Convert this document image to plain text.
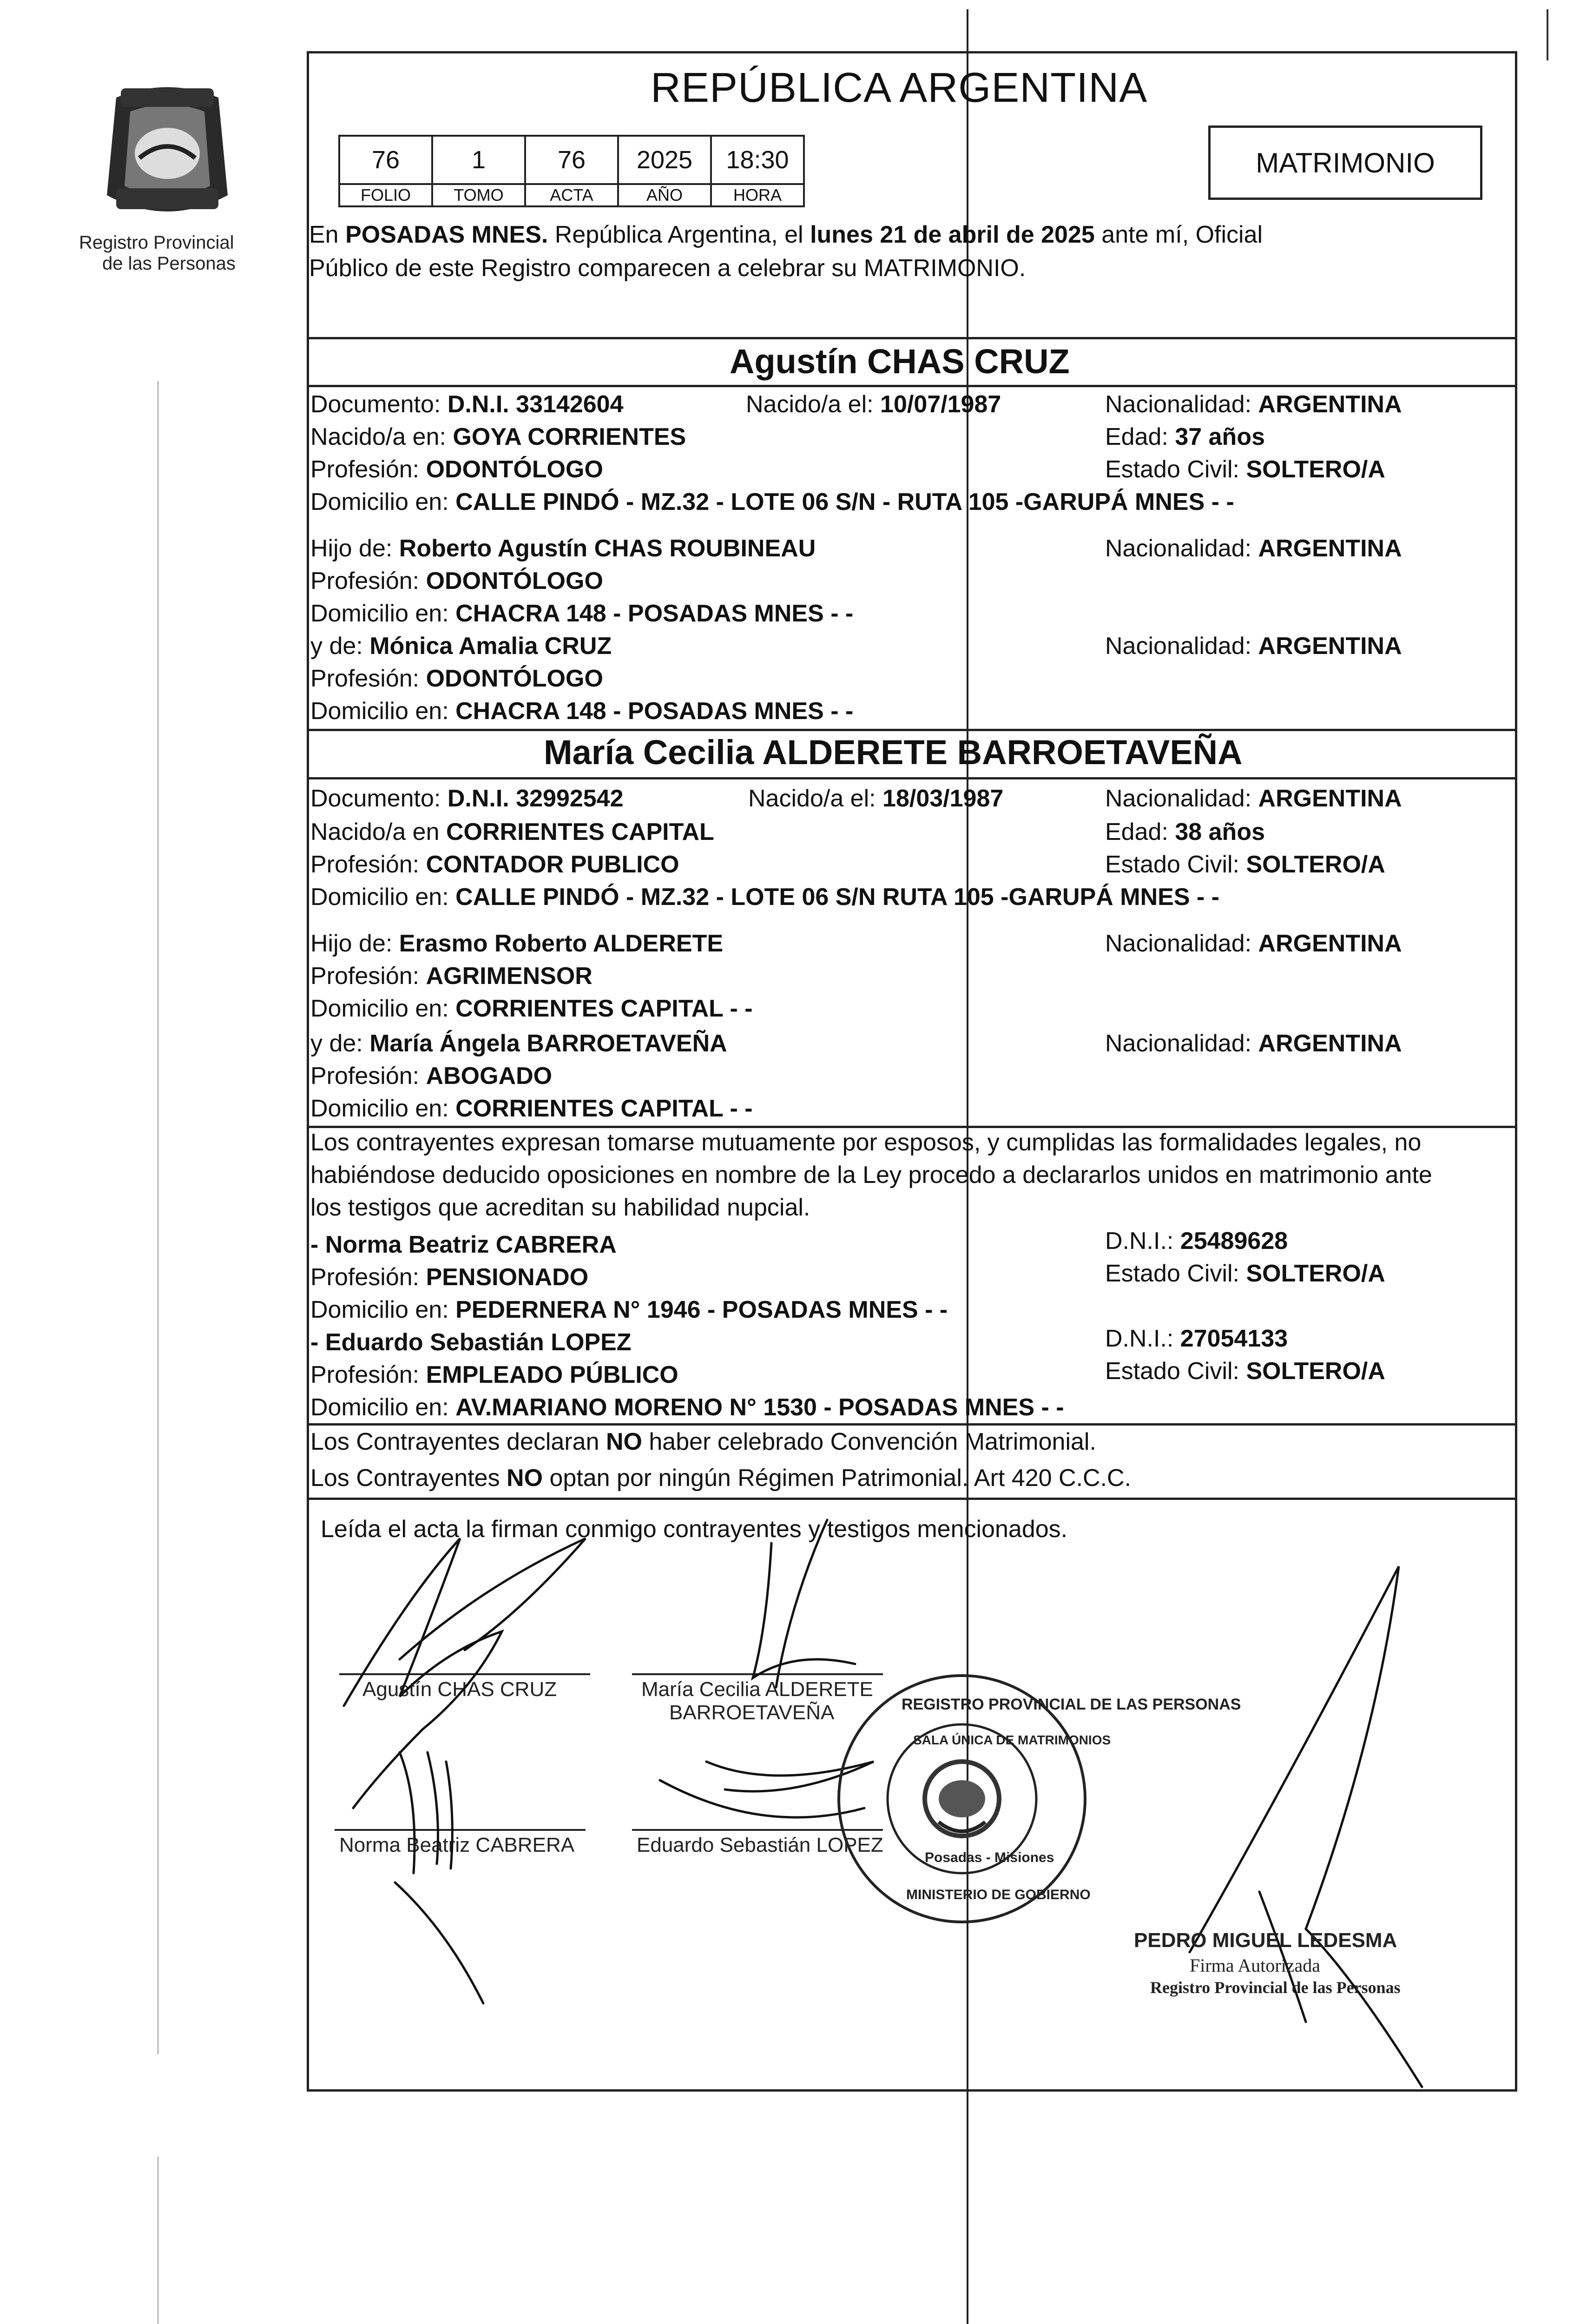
Registro Provincial
de las Personas
REPÚBLICA ARGENTINA
76	1	76	2025	18:30
FOLIO	TOMO	ACTA	AÑO	HORA
MATRIMONIO
En POSADAS MNES. República Argentina, el lunes 21 de abril de 2025 ante mí, Oficial
Público de este Registro comparecen a celebrar su MATRIMONIO.
Agustín CHAS CRUZ
Documento: D.N.I. 33142604	Nacido/a el: 10/07/1987	Nacionalidad: ARGENTINA
Nacido/a en: GOYA CORRIENTES	Edad: 37 años
Profesión: ODONTÓLOGO	Estado Civil: SOLTERO/A
Domicilio en: CALLE PINDÓ - MZ.32 - LOTE 06 S/N - RUTA 105 -GARUPÁ MNES - -
Hijo de: Roberto Agustín CHAS ROUBINEAU	Nacionalidad: ARGENTINA
Profesión: ODONTÓLOGO
Domicilio en: CHACRA 148 - POSADAS MNES - -
y de: Mónica Amalia CRUZ	Nacionalidad: ARGENTINA
Profesión: ODONTÓLOGO
Domicilio en: CHACRA 148 - POSADAS MNES - -
María Cecilia ALDERETE BARROETAVEÑA
Documento: D.N.I. 32992542	Nacido/a el: 18/03/1987	Nacionalidad: ARGENTINA
Nacido/a en CORRIENTES CAPITAL	Edad: 38 años
Profesión: CONTADOR PUBLICO	Estado Civil: SOLTERO/A
Domicilio en: CALLE PINDÓ - MZ.32 - LOTE 06 S/N RUTA 105 -GARUPÁ MNES - -
Hijo de: Erasmo Roberto ALDERETE	Nacionalidad: ARGENTINA
Profesión: AGRIMENSOR
Domicilio en: CORRIENTES CAPITAL - -
y de: María Ángela BARROETAVEÑA	Nacionalidad: ARGENTINA
Profesión: ABOGADO
Domicilio en: CORRIENTES CAPITAL - -
Los contrayentes expresan tomarse mutuamente por esposos, y cumplidas las formalidades legales, no
habiéndose deducido oposiciones en nombre de la Ley procedo a declararlos unidos en matrimonio ante
los testigos que acreditan su habilidad nupcial.
- Norma Beatriz CABRERA	D.N.I.: 25489628
Profesión: PENSIONADO	Estado Civil: SOLTERO/A
Domicilio en: PEDERNERA N° 1946 - POSADAS MNES - -
- Eduardo Sebastián LOPEZ	D.N.I.: 27054133
Profesión: EMPLEADO PÚBLICO	Estado Civil: SOLTERO/A
Domicilio en: AV.MARIANO MORENO N° 1530 - POSADAS MNES - -
Los Contrayentes declaran NO haber celebrado Convención Matrimonial.
Los Contrayentes NO optan por ningún Régimen Patrimonial. Art 420 C.C.C.
Leída el acta la firman conmigo contrayentes y testigos mencionados.
Agustín CHAS CRUZ	María Cecilia ALDERETE
BARROETAVEÑA
Norma Beatriz CABRERA	Eduardo Sebastián LOPEZ
REGISTRO PROVINCIAL DE LAS PERSONAS
SALA ÚNICA DE MATRIMONIOS
Posadas - Misiones
MINISTERIO DE GOBIERNO
PEDRO MIGUEL LEDESMA
Firma Autorizada
Registro Provincial de las Personas
